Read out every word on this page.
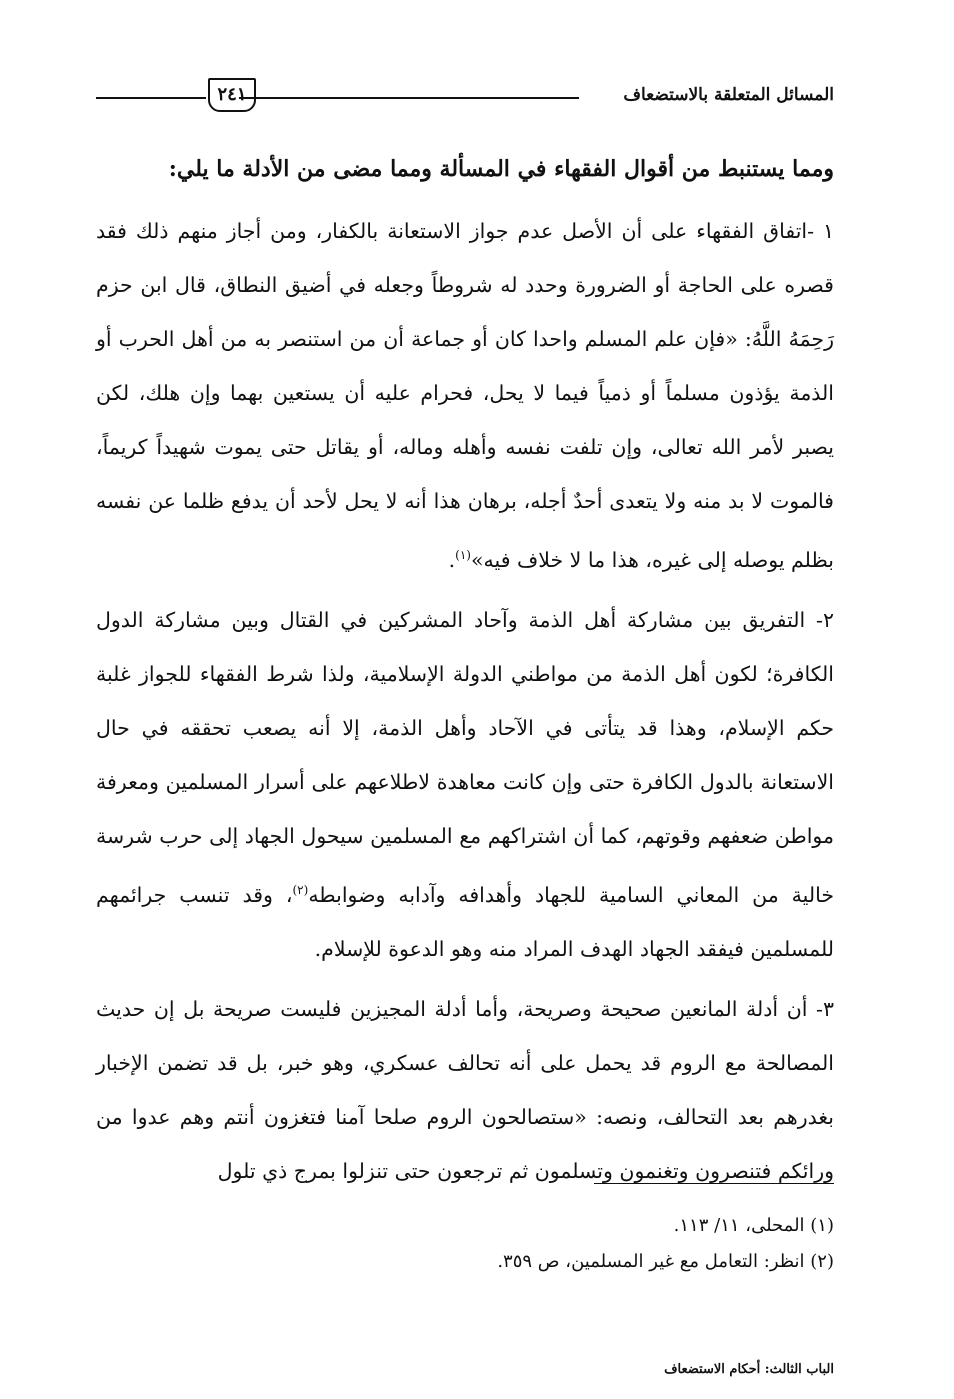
المسائل المتعلقة بالاستضعاف
٢٤١

ومما يستنبط من أقوال الفقهاء في المسألة ومما مضى من الأدلة ما يلي:

١ -اتفاق الفقهاء على أن الأصل عدم جواز الاستعانة بالكفار، ومن أجاز منهم ذلك فقد قصره على الحاجة أو الضرورة وحدد له شروطاً وجعله في أضيق النطاق، قال ابن حزم رَحِمَهُ اللَّهُ: «فإن علم المسلم واحدا كان أو جماعة أن من استنصر به من أهل الحرب أو الذمة يؤذون مسلماً أو ذمياً فيما لا يحل، فحرام عليه أن يستعين بهما وإن هلك، لكن يصبر لأمر الله تعالى، وإن تلفت نفسه وأهله وماله، أو يقاتل حتى يموت شهيداً كريماً، فالموت لا بد منه ولا يتعدى أحدٌ أجله، برهان هذا أنه لا يحل لأحد أن يدفع ظلما عن نفسه بظلم يوصله إلى غيره، هذا ما لا خلاف فيه»$^{(١)}$.

٢- التفريق بين مشاركة أهل الذمة وآحاد المشركين في القتال وبين مشاركة الدول الكافرة؛ لكون أهل الذمة من مواطني الدولة الإسلامية، ولذا شرط الفقهاء للجواز غلبة حكم الإسلام، وهذا قد يتأتى في الآحاد وأهل الذمة، إلا أنه يصعب تحققه في حال الاستعانة بالدول الكافرة حتى وإن كانت معاهدة لاطلاعهم على أسرار المسلمين ومعرفة مواطن ضعفهم وقوتهم، كما أن اشتراكهم مع المسلمين سيحول الجهاد إلى حرب شرسة خالية من المعاني السامية للجهاد وأهدافه وآدابه وضوابطه$^{(٢)}$، وقد تنسب جرائمهم للمسلمين فيفقد الجهاد الهدف المراد منه وهو الدعوة للإسلام.

٣- أن أدلة المانعين صحيحة وصريحة، وأما أدلة المجيزين فليست صريحة بل إن حديث المصالحة مع الروم قد يحمل على أنه تحالف عسكري، وهو خبر، بل قد تضمن الإخبار بغدرهم بعد التحالف، ونصه: «ستصالحون الروم صلحا آمنا فتغزون أنتم وهم عدوا من ورائكم فتنصرون وتغنمون وتسلمون ثم ترجعون حتى تنزلوا بمرج ذي تلول

(١) المحلى، ١١/ ١١٣.

(٢) انظر: التعامل مع غير المسلمين، ص ٣٥٩.

الباب الثالث: أحكام الاستضعاف
